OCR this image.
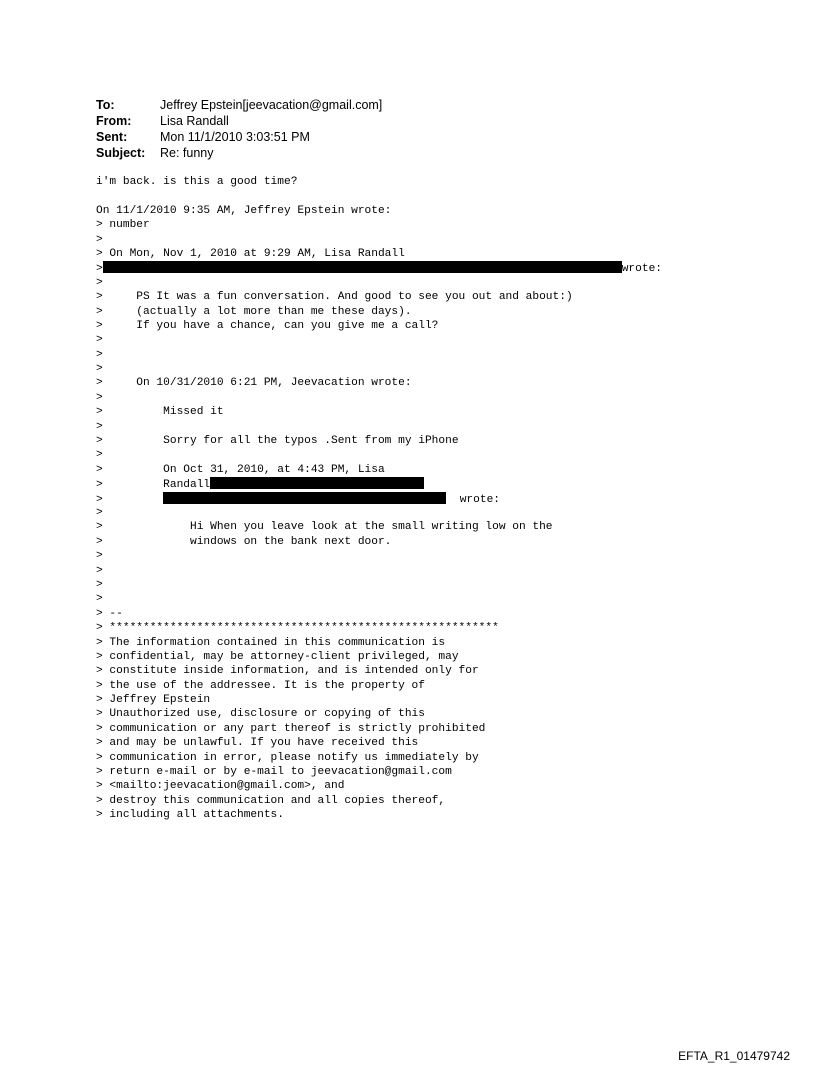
To:	Jeffrey Epstein[jeevacation@gmail.com]
From:	Lisa Randall
Sent:	Mon 11/1/2010 3:03:51 PM
Subject:	Re: funny
i'm back. is this a good time?
On 11/1/2010 9:35 AM, Jeffrey Epstein wrote:
> number
>
> On Mon, Nov 1, 2010 at 9:29 AM, Lisa Randall
>	wrote:
>
>     PS It was a fun conversation. And good to see you out and about:)
>     (actually a lot more than me these days).
>     If you have a chance, can you give me a call?
>
>
>
>     On 10/31/2010 6:21 PM, Jeevacation wrote:
>
>         Missed it
>
>         Sorry for all the typos .Sent from my iPhone
>
>         On Oct 31, 2010, at 4:43 PM, Lisa
>         Randall
>	wrote:
>
>             Hi When you leave look at the small writing low on the
>             windows on the bank next door.
>
>
>
>
> --
> **********************************************************
> The information contained in this communication is
> confidential, may be attorney-client privileged, may
> constitute inside information, and is intended only for
> the use of the addressee. It is the property of
> Jeffrey Epstein
> Unauthorized use, disclosure or copying of this
> communication or any part thereof is strictly prohibited
> and may be unlawful. If you have received this
> communication in error, please notify us immediately by
> return e-mail or by e-mail to jeevacation@gmail.com
> <mailto:jeevacation@gmail.com>, and
> destroy this communication and all copies thereof,
> including all attachments.
EFTA_R1_01479742
